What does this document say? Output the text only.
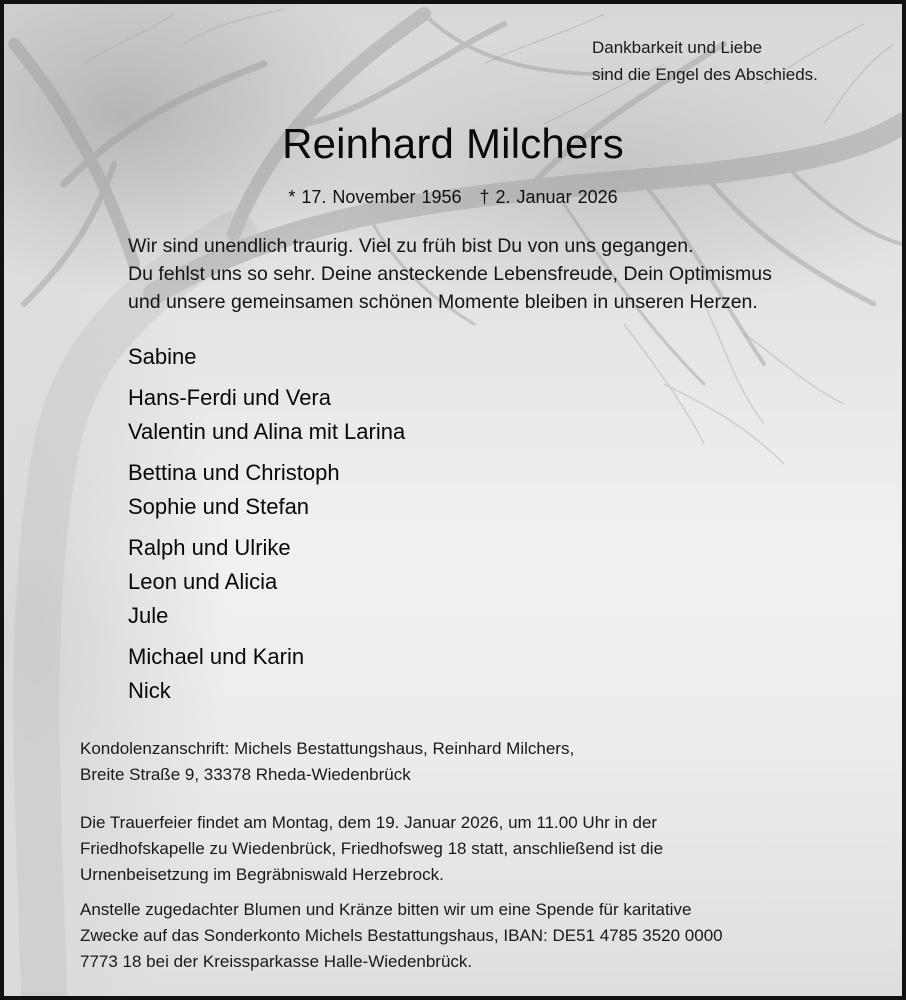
Dankbarkeit und Liebe
sind die Engel des Abschieds.
Reinhard Milchers
* 17. November 1956 † 2. Januar 2026
Wir sind unendlich traurig. Viel zu früh bist Du von uns gegangen.
Du fehlst uns so sehr. Deine ansteckende Lebensfreude, Dein Optimismus
und unsere gemeinsamen schönen Momente bleiben in unseren Herzen.
Sabine
Hans-Ferdi und Vera
Valentin und Alina mit Larina
Bettina und Christoph
Sophie und Stefan
Ralph und Ulrike
Leon und Alicia
Jule
Michael und Karin
Nick
Kondolenzanschrift: Michels Bestattungshaus, Reinhard Milchers,
Breite Straße 9, 33378 Rheda-Wiedenbrück
Die Trauerfeier findet am Montag, dem 19. Januar 2026, um 11.00 Uhr in der
Friedhofskapelle zu Wiedenbrück, Friedhofsweg 18 statt, anschließend ist die
Urnenbeisetzung im Begräbniswald Herzebrock.
Anstelle zugedachter Blumen und Kränze bitten wir um eine Spende für karitative
Zwecke auf das Sonderkonto Michels Bestattungshaus, IBAN: DE51 4785 3520 0000
7773 18 bei der Kreissparkasse Halle-Wiedenbrück.
